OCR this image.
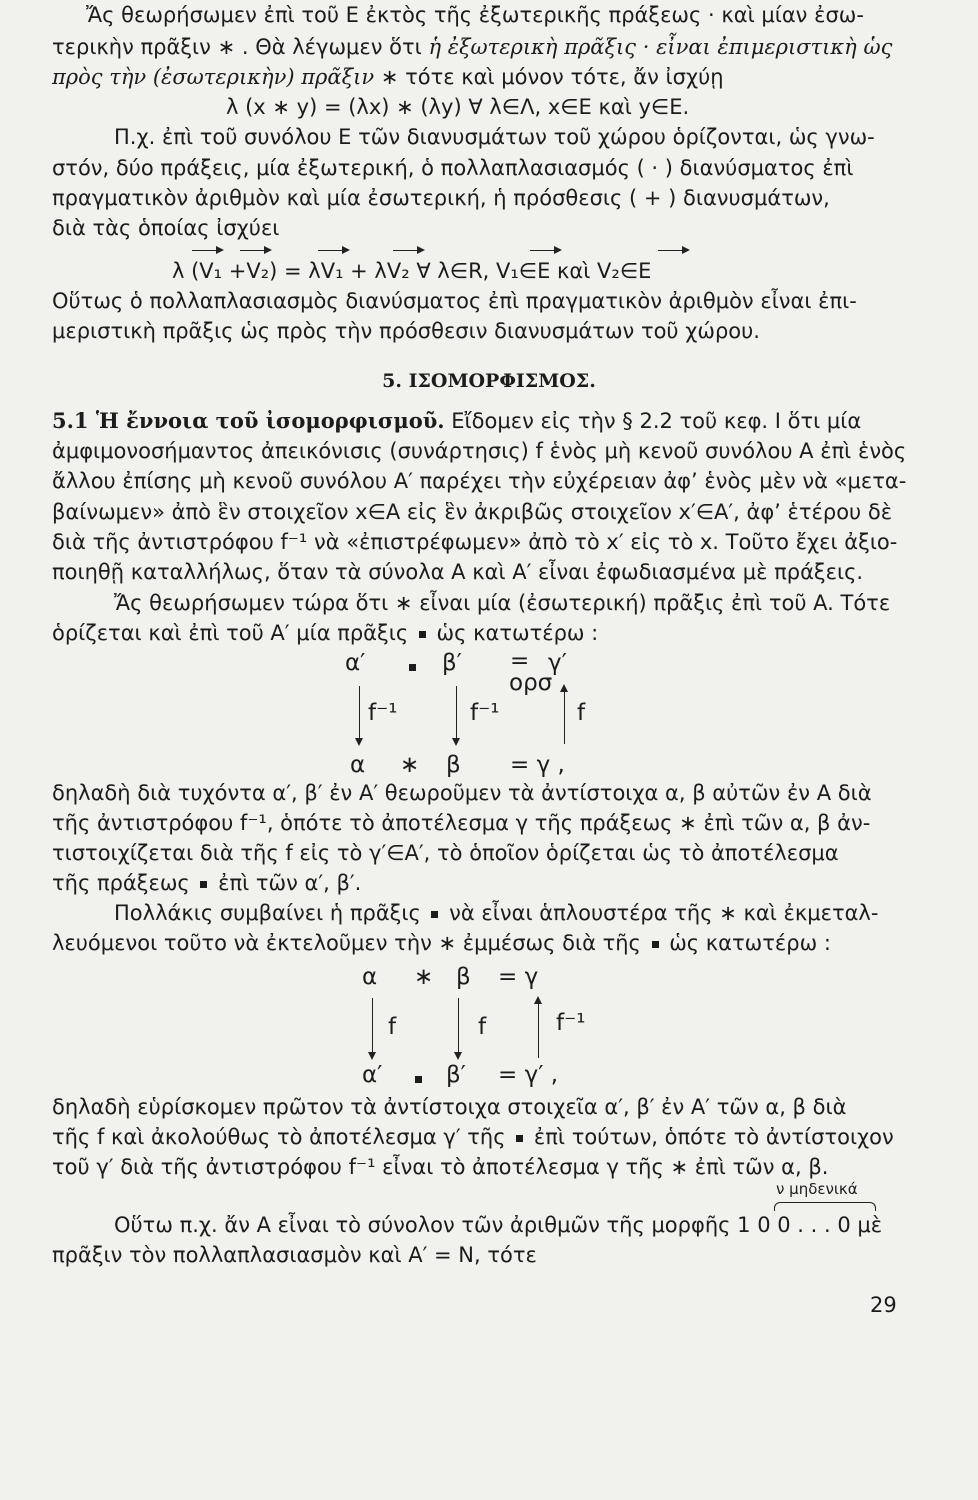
Ἄς θεωρήσωμεν ἐπὶ τοῦ E ἐκτὸς τῆς ἐξωτερικῆς πράξεως · καὶ μίαν ἐσω-
τερικὴν πρᾶξιν ∗ . Θὰ λέγωμεν ὅτι ἡ ἐξωτερικὴ πρᾶξις · εἶναι ἐπιμεριστικὴ ὡς
πρὸς τὴν (ἐσωτερικὴν) πρᾶξιν ∗ τότε καὶ μόνον τότε, ἄν ἰσχύῃ
λ (x ∗ y) = (λx) ∗ (λy) ∀ λ∈Λ, x∈E καὶ y∈E.
Π.χ. ἐπὶ τοῦ συνόλου E τῶν διανυσμάτων τοῦ χώρου ὁρίζονται, ὡς γνω-
στόν, δύο πράξεις, μία ἐξωτερική, ὁ πολλαπλασιασμός ( · ) διανύσματος ἐπὶ
πραγματικὸν ἀριθμὸν καὶ μία ἐσωτερική, ἡ πρόσθεσις ( + ) διανυσμάτων,
διὰ τὰς ὁποίας ἰσχύει
λ (V₁ +V₂) = λV₁ + λV₂ ∀ λ∈R, V₁∈E καὶ V₂∈E
Οὕτως ὁ πολλαπλασιασμὸς διανύσματος ἐπὶ πραγματικὸν ἀριθμὸν εἶναι ἐπι-
μεριστικὴ πρᾶξις ὡς πρὸς τὴν πρόσθεσιν διανυσμάτων τοῦ χώρου.
5. ΙΣΟΜΟΡΦΙΣΜΟΣ.
5.1 Ἡ ἔννοια τοῦ ἰσομορφισμοῦ. Εἴδομεν εἰς τὴν § 2.2 τοῦ κεφ. I ὅτι μία
ἀμφιμονοσήμαντος ἀπεικόνισις (συνάρτησις) f ἑνὸς μὴ κενοῦ συνόλου A ἐπὶ ἑνὸς
ἄλλου ἐπίσης μὴ κενοῦ συνόλου A′ παρέχει τὴν εὐχέρειαν ἀφ’ ἑνὸς μὲν νὰ «μετα-
βαίνωμεν» ἀπὸ ἓν στοιχεῖον x∈A εἰς ἓν ἀκριβῶς στοιχεῖον x′∈A′, ἀφ’ ἑτέρου δὲ
διὰ τῆς ἀντιστρόφου f⁻¹ νὰ «ἐπιστρέφωμεν» ἀπὸ τὸ x′ εἰς τὸ x. Τοῦτο ἔχει ἀξιο-
ποιηθῇ καταλλήλως, ὅταν τὰ σύνολα A καὶ A′ εἶναι ἐφωδιασμένα μὲ πράξεις.
Ἄς θεωρήσωμεν τώρα ὅτι ∗ εἶναι μία (ἐσωτερική) πρᾶξις ἐπὶ τοῦ A. Τότε
ὁρίζεται καὶ ἐπὶ τοῦ A′ μία πρᾶξις  ὡς κατωτέρω :
α′	β′ =
ορσ
γ′
f⁻¹	f⁻¹	f
α ∗ β = γ ,
δηλαδὴ διὰ τυχόντα α′, β′ ἐν A′ θεωροῦμεν τὰ ἀντίστοιχα α, β αὐτῶν ἐν A διὰ
τῆς ἀντιστρόφου f⁻¹, ὁπότε τὸ ἀποτέλεσμα γ τῆς πράξεως ∗ ἐπὶ τῶν α, β ἀν-
τιστοιχίζεται διὰ τῆς f εἰς τὸ γ′∈A′, τὸ ὁποῖον ὁρίζεται ὡς τὸ ἀποτέλεσμα
τῆς πράξεως  ἐπὶ τῶν α′, β′.
Πολλάκις συμβαίνει ἡ πρᾶξις  νὰ εἶναι ἁπλουστέρα τῆς ∗ καὶ ἐκμεταλ-
λευόμενοι τοῦτο νὰ ἐκτελοῦμεν τὴν ∗ ἐμμέσως διὰ τῆς  ὡς κατωτέρω :
α ∗ β = γ
f	f	f⁻¹
α′	β′ = γ′ ,
δηλαδὴ εὑρίσκομεν πρῶτον τὰ ἀντίστοιχα στοιχεῖα α′, β′ ἐν A′ τῶν α, β διὰ
τῆς f καὶ ἀκολούθως τὸ ἀποτέλεσμα γ′ τῆς  ἐπὶ τούτων, ὁπότε τὸ ἀντίστοιχον
τοῦ γ′ διὰ τῆς ἀντιστρόφου f⁻¹ εἶναι τὸ ἀποτέλεσμα γ τῆς ∗ ἐπὶ τῶν α, β.
ν μηδενικά
Οὕτω π.χ. ἄν A εἶναι τὸ σύνολον τῶν ἀριθμῶν τῆς μορφῆς 1 0 0 . . . 0 μὲ
πρᾶξιν τὸν πολλαπλασιασμὸν καὶ A′ = N, τότε
29
